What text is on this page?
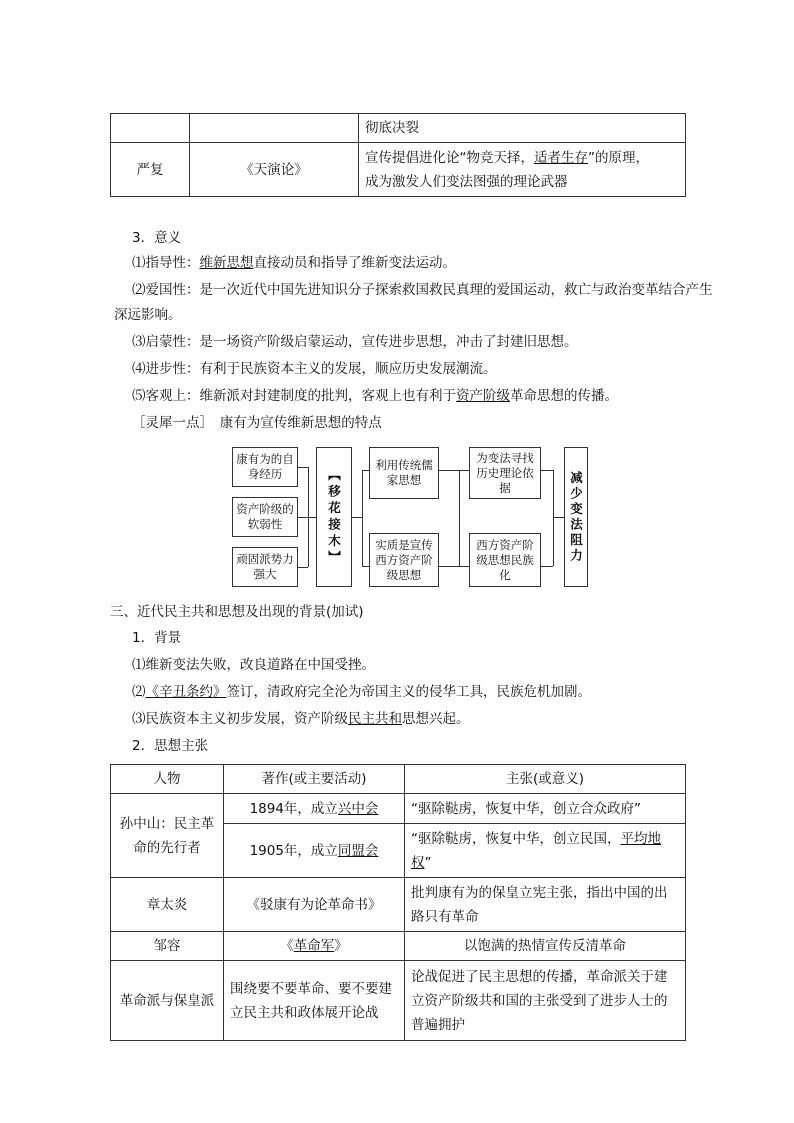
		彻底决裂
严复	《天演论》	宣传提倡进化论“物竞天择，适者生存”的原理，
成为激发人们变法图强的理论武器
3．意义
⑴指导性：维新思想直接动员和指导了维新变法运动。
⑵爱国性：是一次近代中国先进知识分子探索救国救民真理的爱国运动，救亡与政治变革结合产生
深远影响。
⑶启蒙性：是一场资产阶级启蒙运动，宣传进步思想，冲击了封建旧思想。
⑷进步性：有利于民族资本主义的发展，顺应历史发展潮流。
⑸客观上：维新派对封建制度的批判，客观上也有利于资产阶级革命思想的传播。
［灵犀一点］　康有为宣传维新思想的特点
康有为的自身经历
资产阶级的软弱性
顽固派势力强大
【移花接木】
利用传统儒家思想
实质是宣传西方资产阶级思想
为变法寻找历史理论依据
西方资产阶级思想民族化
减少变法阻力
三、近代民主共和思想及出现的背景(加试)
1．背景
⑴维新变法失败，改良道路在中国受挫。
⑵《辛丑条约》签订，清政府完全沦为帝国主义的侵华工具，民族危机加剧。
⑶民族资本主义初步发展，资产阶级民主共和思想兴起。
2．思想主张
人物	著作(或主要活动)	主张(或意义)
孙中山：民主革命的先行者	1894年，成立兴中会	“驱除鞑虏，恢复中华，创立合众政府”
	1905年，成立同盟会	“驱除鞑虏，恢复中华，创立民国，平均地
权”
章太炎	《驳康有为论革命书》	批判康有为的保皇立宪主张，指出中国的出路只有革命
邹容	《革命军》	以饱满的热情宣传反清革命
革命派与保皇派	围绕要不要革命、要不要建立民主共和政体展开论战	论战促进了民主思想的传播，革命派关于建立资产阶级共和国的主张受到了进步人士的普遍拥护
